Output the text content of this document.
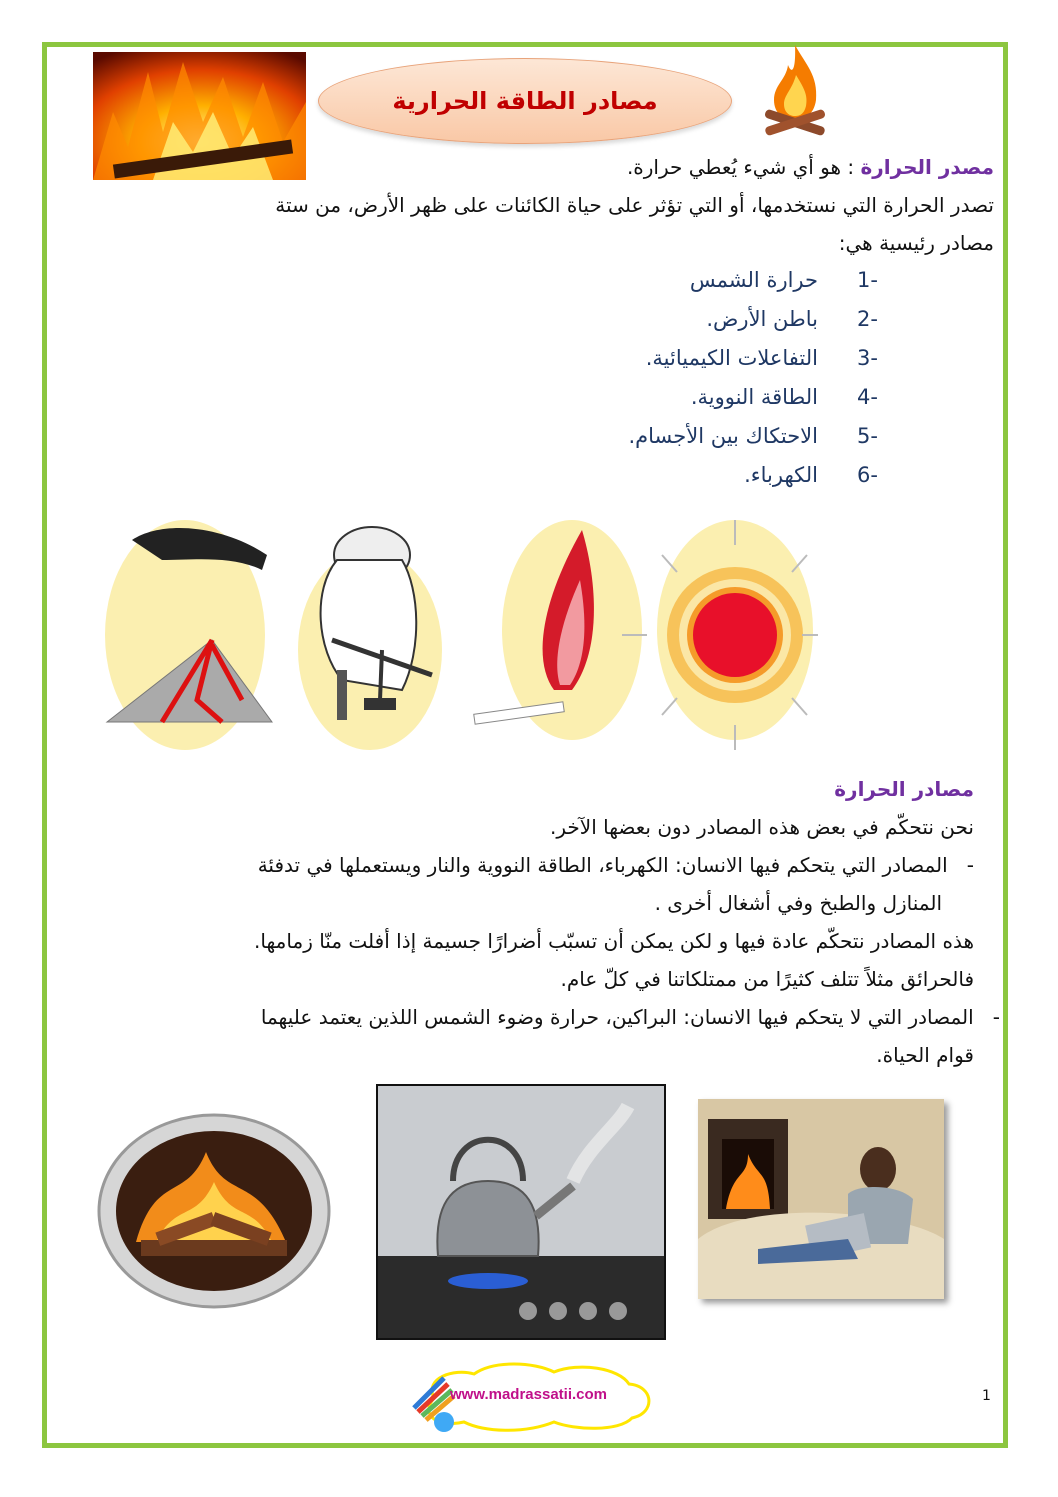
مصادر الطاقة الحرارية
مصدر الحرارة : هو أي شيء يُعطي حرارة.
تصدر الحرارة التي نستخدمها، أو التي تؤثر على حياة الكائنات على ظهر الأرض، من ستة
مصادر رئيسية هي:
-1حرارة الشمس
-2باطن الأرض.
-3التفاعلات الكيميائية.
-4الطاقة النووية.
-5الاحتكاك بين الأجسام.
-6الكهرباء.
مصادر الحرارة
نحن نتحكّم في بعض هذه المصادر دون بعضها الآخر.
-   المصادر التي يتحكم فيها الانسان: الكهرباء، الطاقة النووية والنار ويستعملها في تدفئة
المنازل والطبخ وفي أشغال أخرى .
هذه المصادر نتحكّم عادة فيها و لكن يمكن أن تسبّب أضرارًا جسيمة إذا أفلت منّا زمامها.
فالحرائق مثلاً تتلف كثيرًا من ممتلكاتنا في كلّ عام.
-   المصادر التي لا يتحكم فيها الانسان: البراكين، حرارة وضوء الشمس اللذين يعتمد عليهما
قوام الحياة.
www.madrassatii.com	1
